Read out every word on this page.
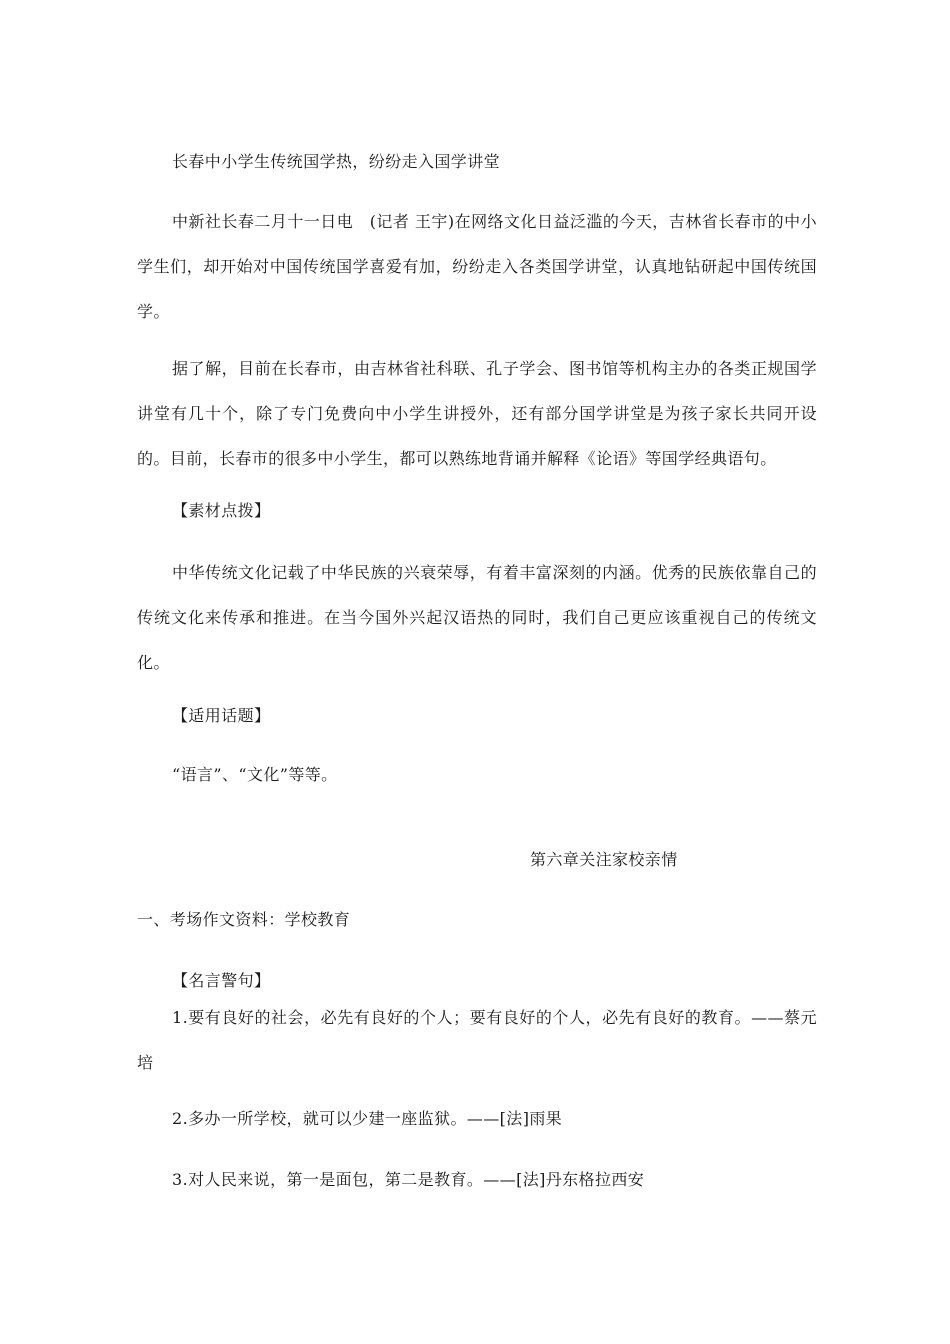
长春中小学生传统国学热，纷纷走入国学讲堂
中新社长春二月十一日电　(记者 王宇)在网络文化日益泛滥的今天，吉林省长春市的中小学生们，却开始对中国传统国学喜爱有加，纷纷走入各类国学讲堂，认真地钻研起中国传统国学。
据了解，目前在长春市，由吉林省社科联、孔子学会、图书馆等机构主办的各类正规国学讲堂有几十个，除了专门免费向中小学生讲授外，还有部分国学讲堂是为孩子家长共同开设的。目前，长春市的很多中小学生，都可以熟练地背诵并解释《论语》等国学经典语句。
【素材点拨】
中华传统文化记载了中华民族的兴衰荣辱，有着丰富深刻的内涵。优秀的民族依靠自己的传统文化来传承和推进。在当今国外兴起汉语热的同时，我们自己更应该重视自己的传统文化。
【适用话题】
“语言”、“文化”等等。
第六章关注家校亲情
一、考场作文资料：学校教育
【名言警句】
1.要有良好的社会，必先有良好的个人；要有良好的个人，必先有良好的教育。——蔡元培
2.多办一所学校，就可以少建一座监狱。——[法]雨果
3.对人民来说，第一是面包，第二是教育。——[法]丹东格拉西安
